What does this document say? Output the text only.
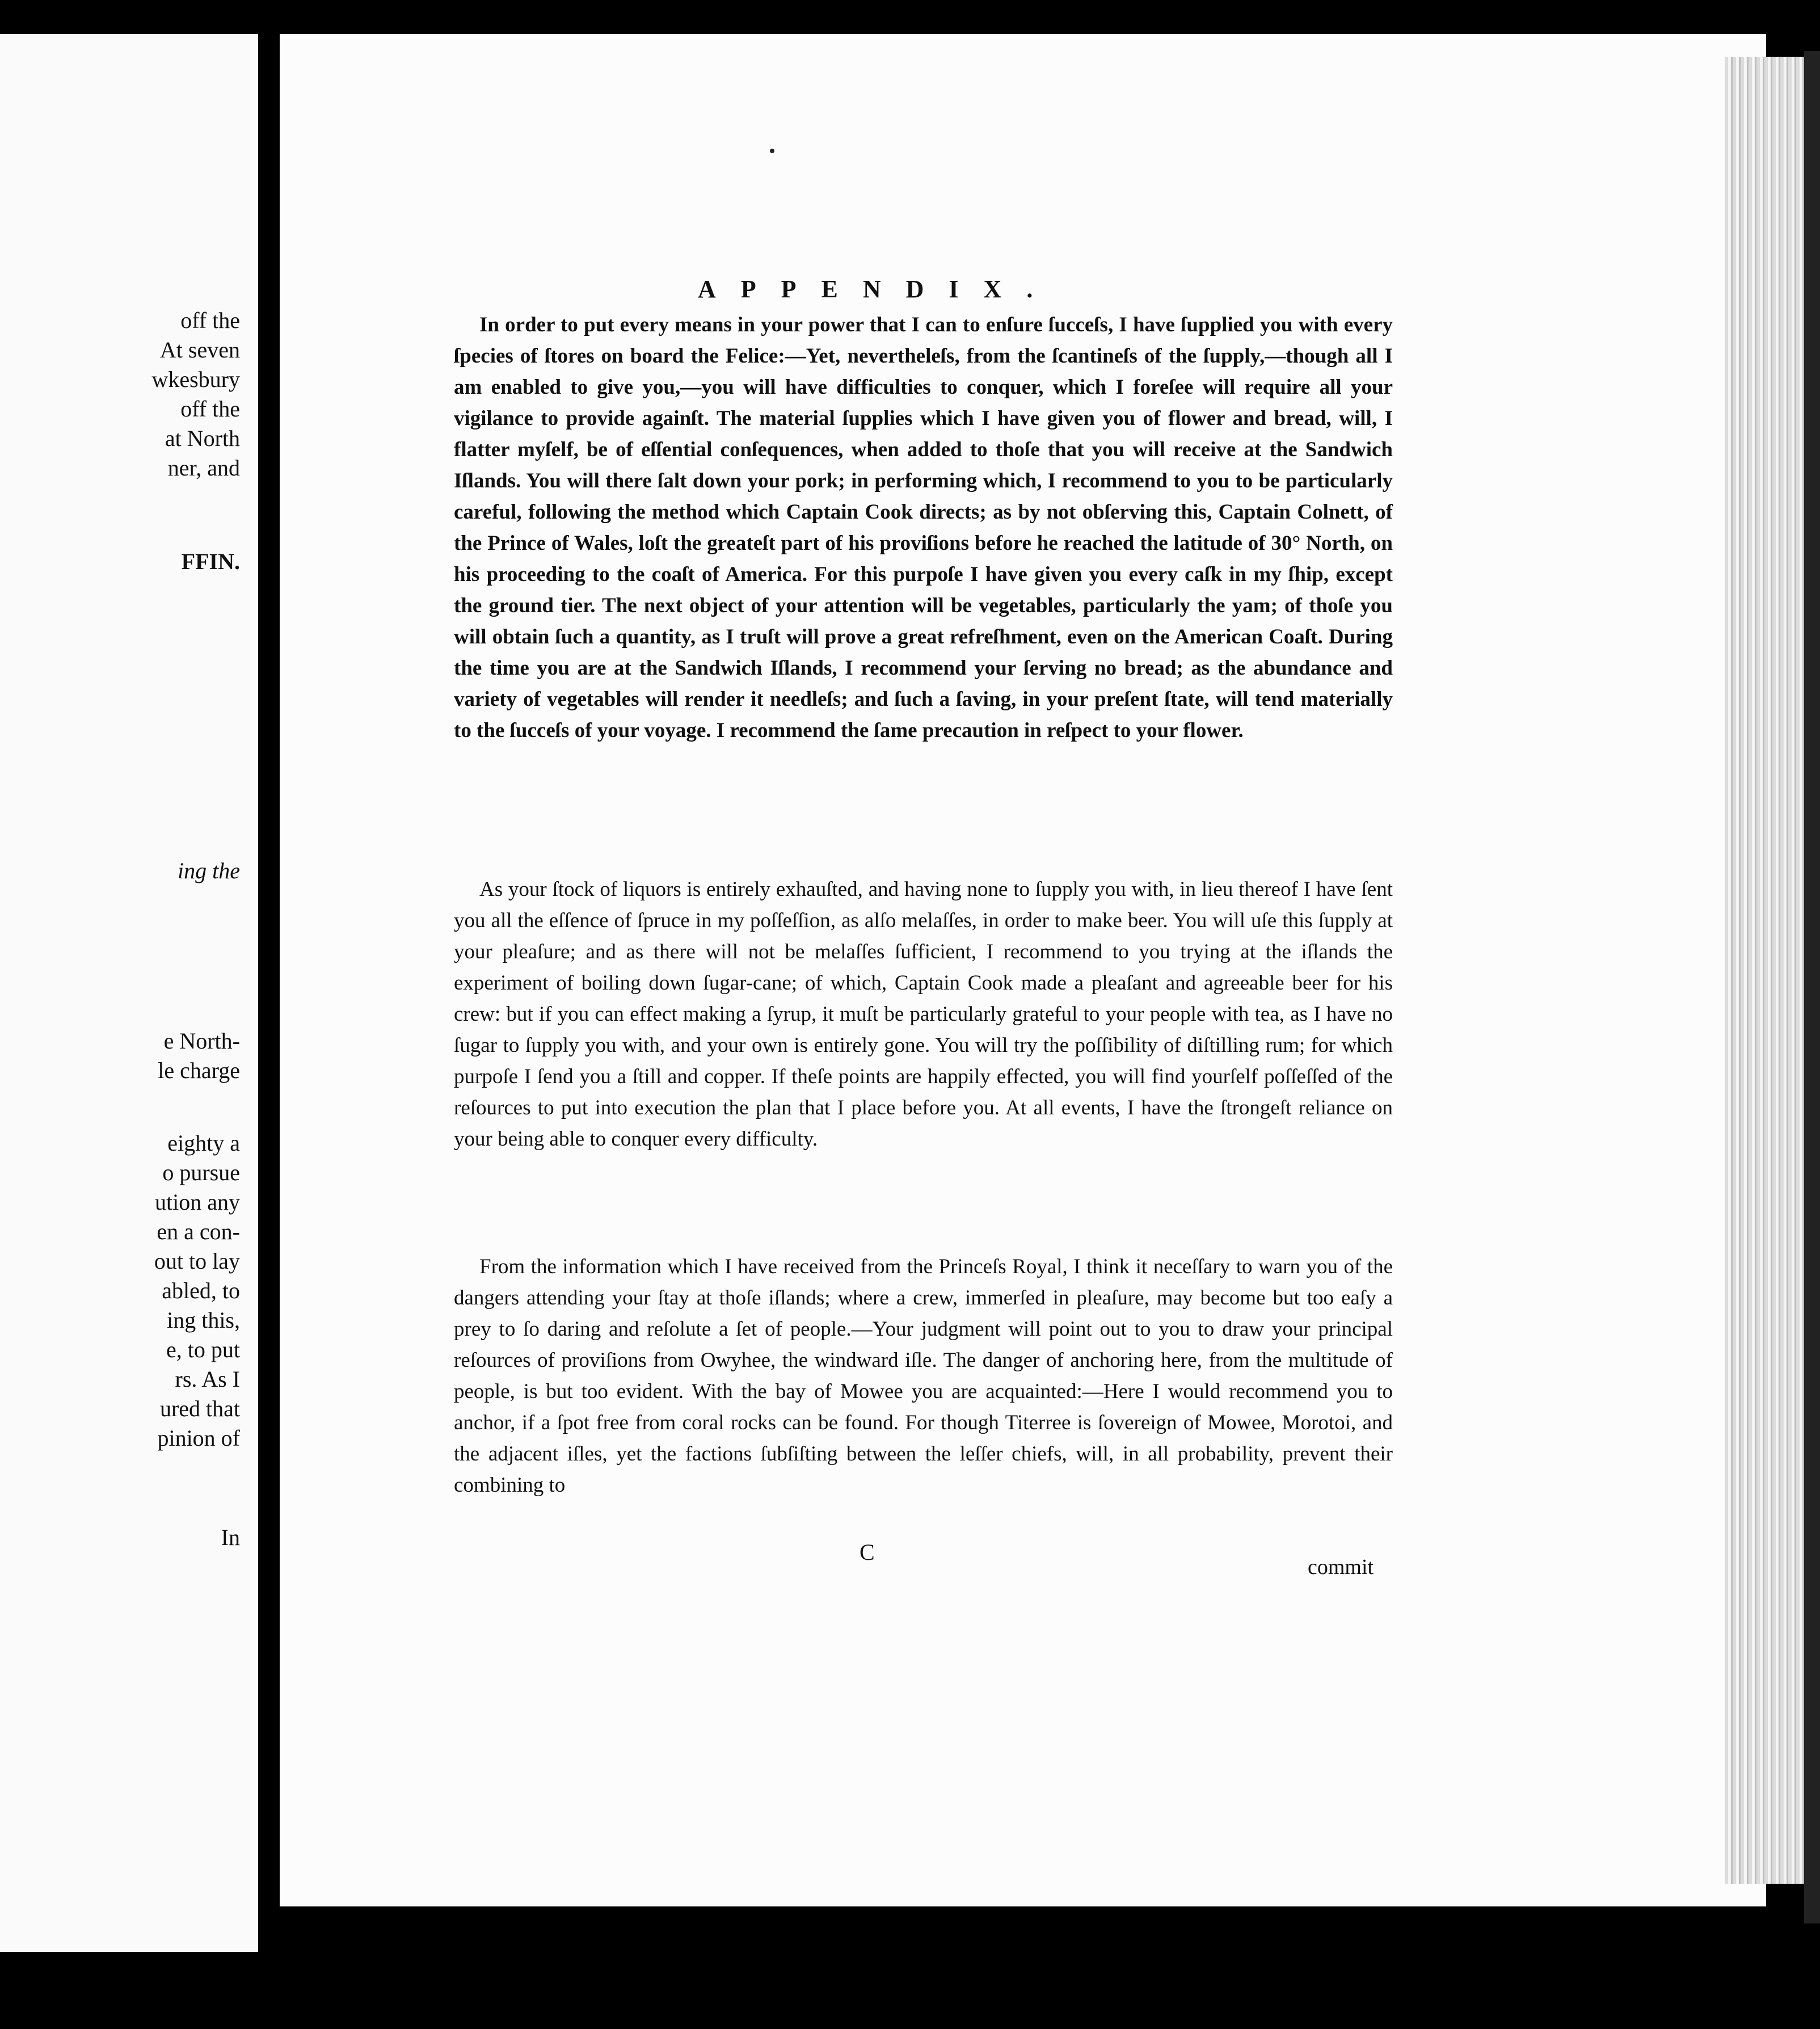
off the
At seven
wkesbury
off the
at North
ner, and
FFIN.
ing the
e North-
le charge
eighty a
o pursue
ution any
en a con-
out to lay
abled, to
ing this,
e, to put
rs. As I
ured that
pinion of
In
APPENDIX.

In order to put every means in your power that I can to enſure ſucceſs, I have ſupplied you with every ſpecies of ſtores on board the Felice:—Yet, nevertheleſs, from the ſcantineſs of the ſupply,—though all I am enabled to give you,—you will have difficulties to conquer, which I foreſee will require all your vigilance to provide againſt. The material ſupplies which I have given you of flower and bread, will, I flatter myſelf, be of eſſential conſequences, when added to thoſe that you will receive at the Sandwich Iſlands. You will there ſalt down your pork; in performing which, I recommend to you to be particularly careful, following the method which Captain Cook directs; as by not obſerving this, Captain Colnett, of the Prince of Wales, loſt the greateſt part of his proviſions before he reached the latitude of 30° North, on his proceeding to the coaſt of America. For this purpoſe I have given you every caſk in my ſhip, except the ground tier. The next object of your attention will be vegetables, particularly the yam; of thoſe you will obtain ſuch a quantity, as I truſt will prove a great refreſhment, even on the American Coaſt. During the time you are at the Sandwich Iſlands, I recommend your ſerving no bread; as the abundance and variety of vegetables will render it needleſs; and ſuch a ſaving, in your preſent ſtate, will tend materially to the ſucceſs of your voyage. I recommend the ſame precaution in reſpect to your flower.

As your ſtock of liquors is entirely exhauſted, and having none to ſupply you with, in lieu thereof I have ſent you all the eſſence of ſpruce in my poſſeſſion, as alſo melaſſes, in order to make beer. You will uſe this ſupply at your pleaſure; and as there will not be melaſſes ſufficient, I recommend to you trying at the iſlands the experiment of boiling down ſugar-cane; of which, Captain Cook made a pleaſant and agreeable beer for his crew: but if you can effect making a ſyrup, it muſt be particularly grateful to your people with tea, as I have no ſugar to ſupply you with, and your own is entirely gone. You will try the poſſibility of diſtilling rum; for which purpoſe I ſend you a ſtill and copper. If theſe points are happily effected, you will find yourſelf poſſeſſed of the reſources to put into execution the plan that I place before you. At all events, I have the ſtrongeſt reliance on your being able to conquer every difficulty.

From the information which I have received from the Princeſs Royal, I think it neceſſary to warn you of the dangers attending your ſtay at thoſe iſlands; where a crew, immerſed in pleaſure, may become but too eaſy a prey to ſo daring and reſolute a ſet of people.—Your judgment will point out to you to draw your principal reſources of proviſions from Owyhee, the windward iſle. The danger of anchoring here, from the multitude of people, is but too evident. With the bay of Mowee you are acquainted:—Here I would recommend you to anchor, if a ſpot free from coral rocks can be found. For though Titerree is ſovereign of Mowee, Morotoi, and the adjacent iſles, yet the factions ſubſiſting between the leſſer chiefs, will, in all probability, prevent their combining to

C
commit
